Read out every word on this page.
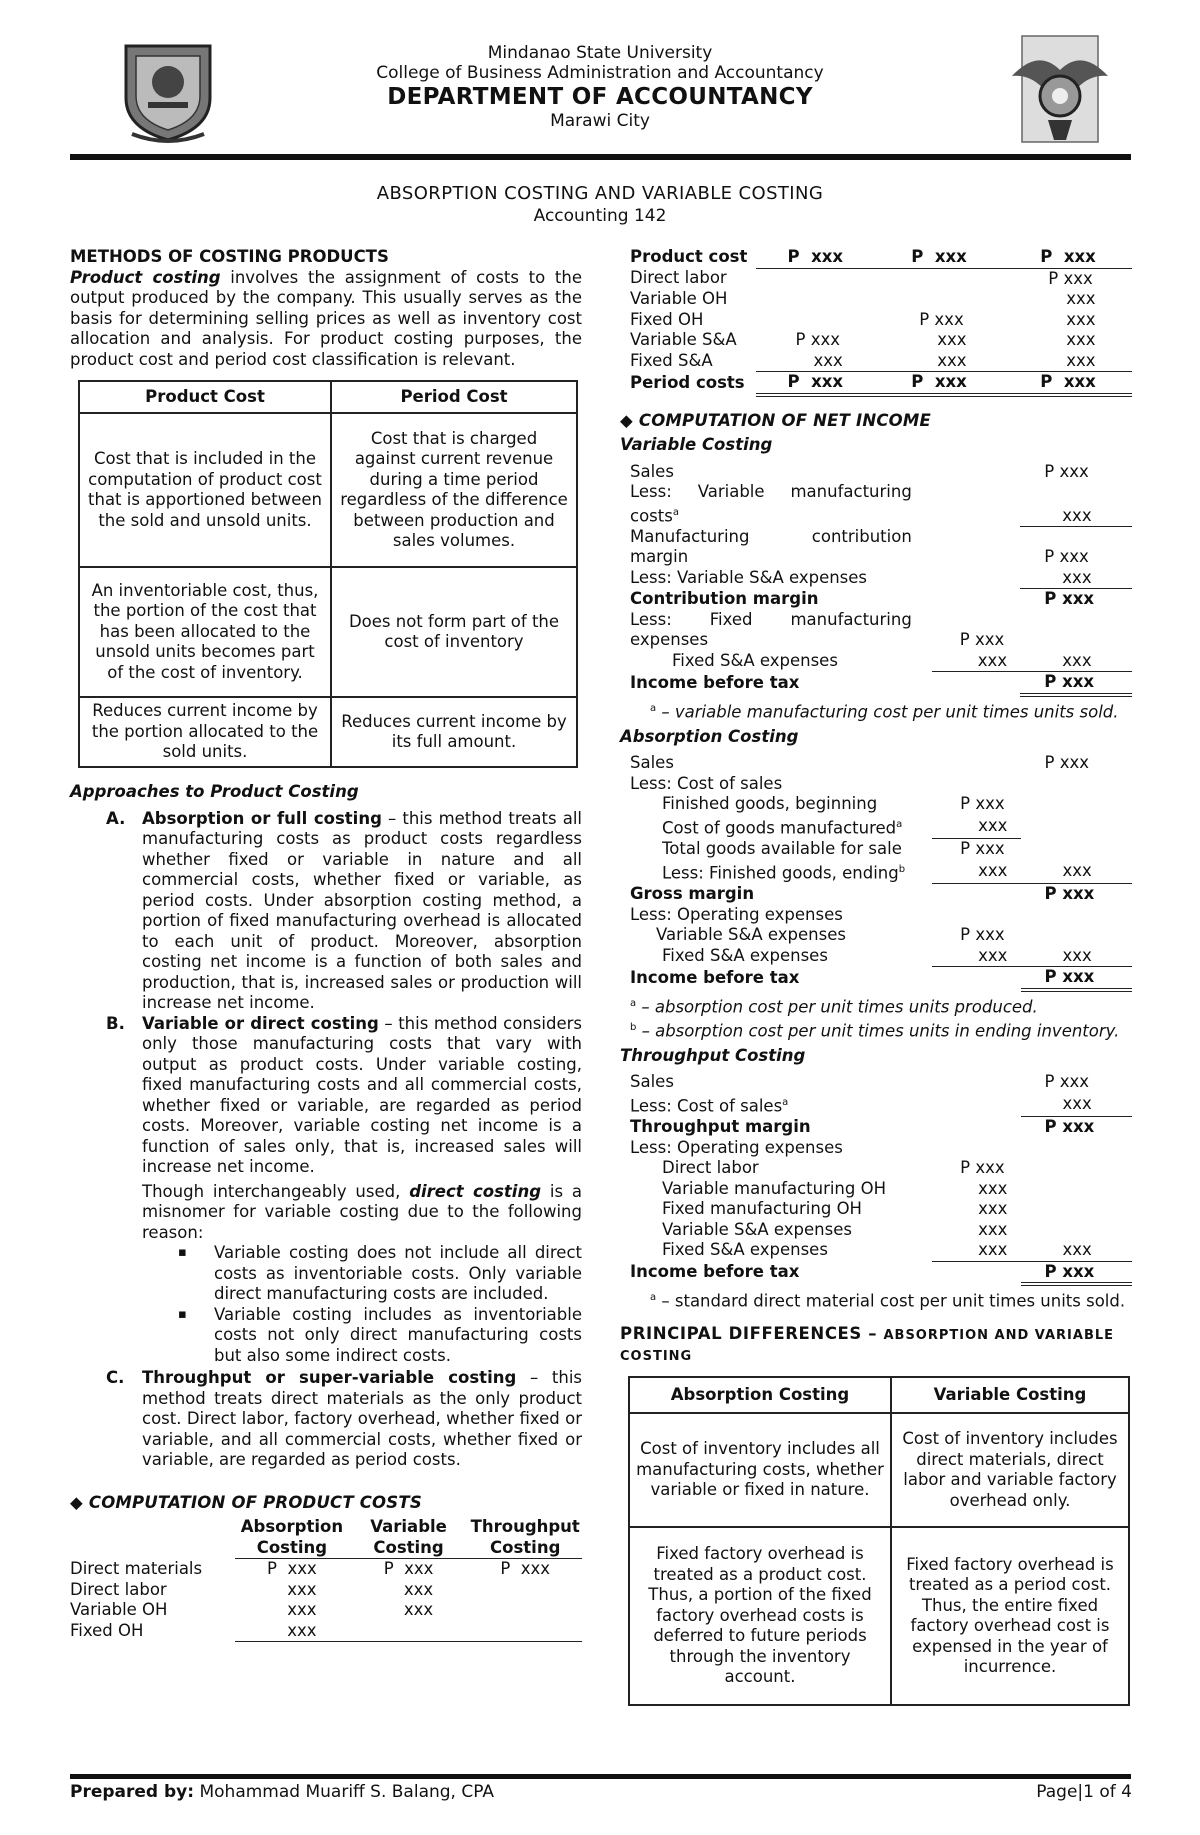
Mindanao State University
College of Business Administration and Accountancy
DEPARTMENT OF ACCOUNTANCY
Marawi City
ABSORPTION COSTING AND VARIABLE COSTING
Accounting 142
METHODS OF COSTING PRODUCTS
Product costing involves the assignment of costs to the output produced by the company. This usually serves as the basis for determining selling prices as well as inventory cost allocation and analysis. For product costing purposes, the product cost and period cost classification is relevant.
Product Cost	Period Cost
Cost that is included in the computation of product cost that is apportioned between the sold and unsold units.	Cost that is charged against current revenue during a time period regardless of the difference between production and sales volumes.
An inventoriable cost, thus, the portion of the cost that has been allocated to the unsold units becomes part of the cost of inventory.	Does not form part of the cost of inventory
Reduces current income by the portion allocated to the sold units.	Reduces current income by its full amount.
Approaches to Product Costing
A. Absorption or full costing – this method treats all manufacturing costs as product costs regardless whether fixed or variable in nature and all commercial costs, whether fixed or variable, as period costs. Under absorption costing method, a portion of fixed manufacturing overhead is allocated to each unit of product. Moreover, absorption costing net income is a function of both sales and production, that is, increased sales or production will increase net income.
B. Variable or direct costing – this method considers only those manufacturing costs that vary with output as product costs. Under variable costing, fixed manufacturing costs and all commercial costs, whether fixed or variable, are regarded as period costs. Moreover, variable costing net income is a function of sales only, that is, increased sales will increase net income.
Though interchangeably used, direct costing is a misnomer for variable costing due to the following reason:
▪ Variable costing does not include all direct costs as inventoriable costs. Only variable direct manufacturing costs are included.
▪ Variable costing includes as inventoriable costs not only direct manufacturing costs but also some indirect costs.
C. Throughput or super-variable costing – this method treats direct materials as the only product cost. Direct labor, factory overhead, whether fixed or variable, and all commercial costs, whether fixed or variable, are regarded as period costs.
◆ COMPUTATION OF PRODUCT COSTS
	Absorption Costing		Variable Costing		Throughput Costing
Direct materials	P xxx		P xxx		P xxx
Direct labor	xxx		xxx		
Variable OH	xxx		xxx		
Fixed OH	xxx				
Product cost	P xxx	P xxx	P xxx
Direct labor			P xxx
Variable OH			xxx
Fixed OH		P xxx	xxx
Variable S&A	P xxx	xxx	xxx
Fixed S&A	xxx	xxx	xxx
Period costs	P xxx	P xxx	P xxx
◆ COMPUTATION OF NET INCOME
Variable Costing
Sales		P xxx
Less: Variable manufacturing costs$^a$		xxx
Manufacturing contribution margin		P xxx
Less: Variable S&A expenses		xxx
Contribution margin		P xxx
Less: Fixed manufacturing expenses	P xxx	
Fixed S&A expenses	xxx	xxx
Income before tax		P xxx
$^a$ – variable manufacturing cost per unit times units sold.
Absorption Costing
Sales		P xxx
Less: Cost of sales		
Finished goods, beginning	P xxx	
Cost of goods manufactured$^a$	xxx	
Total goods available for sale	P xxx	
Less: Finished goods, ending$^b$	xxx	xxx
Gross margin		P xxx
Less: Operating expenses		
Variable S&A expenses	P xxx	
Fixed S&A expenses	xxx	xxx
Income before tax		P xxx
$^a$ – absorption cost per unit times units produced.
$^b$ – absorption cost per unit times units in ending inventory.
Throughput Costing
Sales		P xxx
Less: Cost of sales$^a$		xxx
Throughput margin		P xxx
Less: Operating expenses		
Direct labor	P xxx	
Variable manufacturing OH	xxx	
Fixed manufacturing OH	xxx	
Variable S&A expenses	xxx	
Fixed S&A expenses	xxx	xxx
Income before tax		P xxx
$^a$ – standard direct material cost per unit times units sold.
PRINCIPAL DIFFERENCES – ABSORPTION AND VARIABLE COSTING
Absorption Costing	Variable Costing
Cost of inventory includes all manufacturing costs, whether variable or fixed in nature.	Cost of inventory includes direct materials, direct labor and variable factory overhead only.
Fixed factory overhead is treated as a product cost. Thus, a portion of the fixed factory overhead costs is deferred to future periods through the inventory account.	Fixed factory overhead is treated as a period cost. Thus, the entire fixed factory overhead cost is expensed in the year of incurrence.
Prepared by: Mohammad Muariff S. Balang, CPA	Page|1 of 4
